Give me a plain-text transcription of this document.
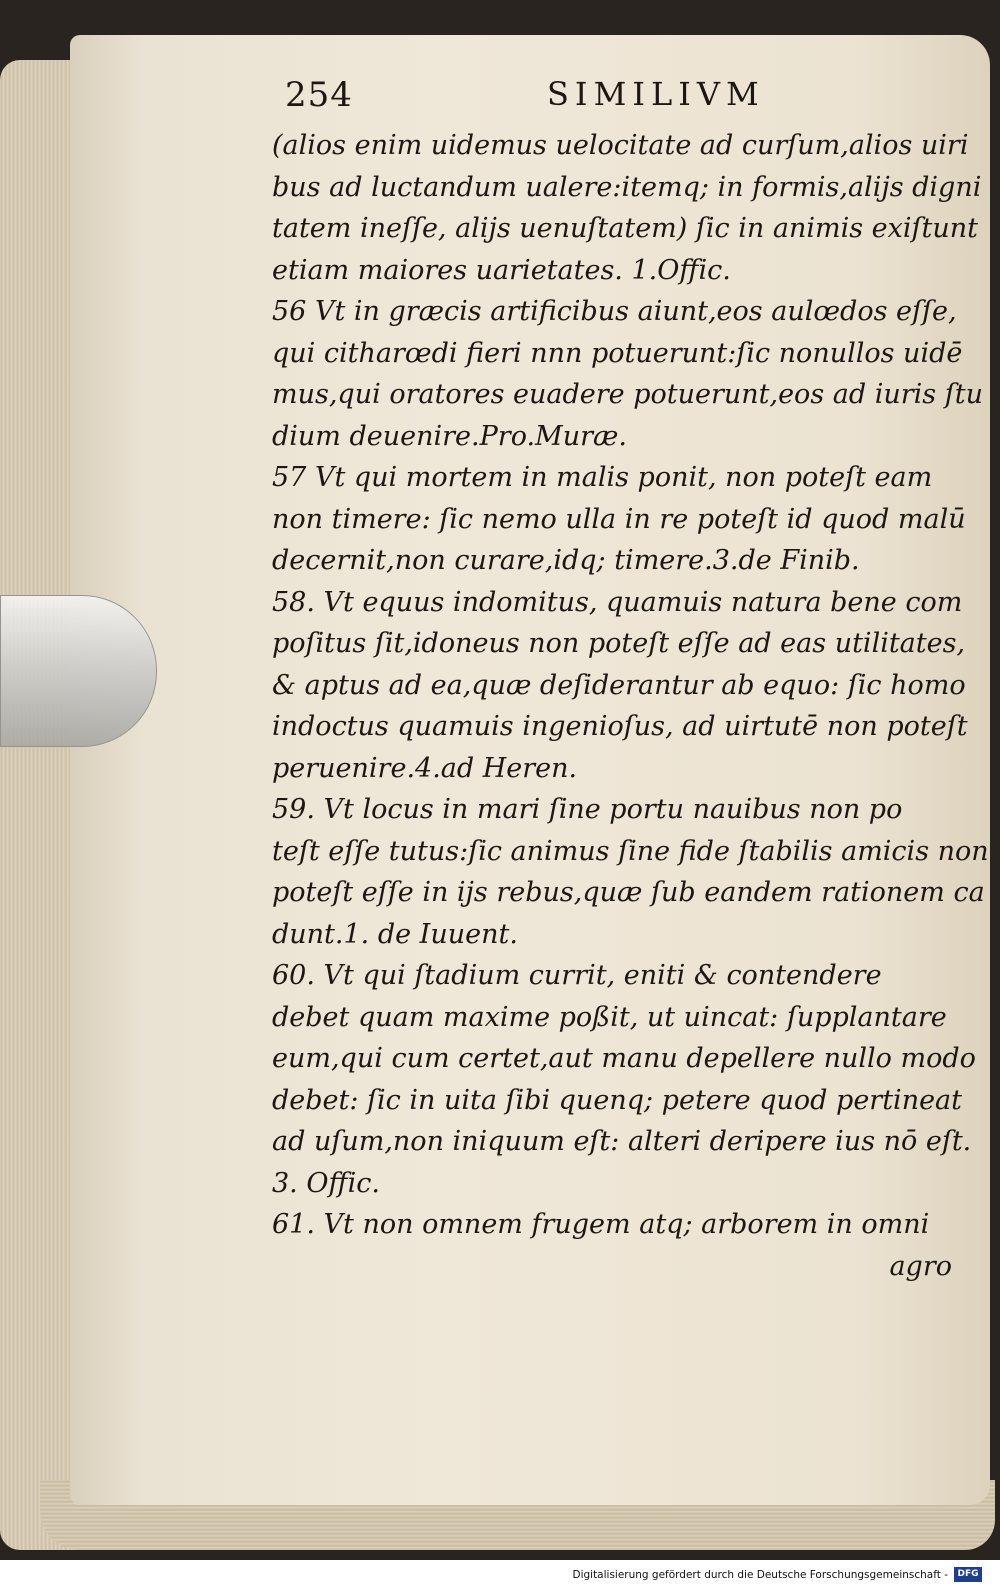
254	SIMILIVM
(alios enim uidemus uelocitate ad curſum,alios uiri
bus ad luctandum ualere:itemq; in formis,alijs digni
tatem ineſſe, alijs uenuſtatem) ſic in animis exiſtunt
etiam maiores uarietates. 1.Offic.
56 Vt in græcis artificibus aiunt,eos aulœdos eſſe,
qui citharœdi fieri nnn potuerunt:ſic nonullos uidē
mus,qui oratores euadere potuerunt,eos ad iuris ſtu
dium deuenire.Pro.Muræ.
57 Vt qui mortem in malis ponit, non poteſt eam
non timere: ſic nemo ulla in re poteſt id quod malū
decernit,non curare,idq; timere.3.de Finib.
58. Vt equus indomitus, quamuis natura bene com
poſitus ſit,idoneus non poteſt eſſe ad eas utilitates,
& aptus ad ea,quæ deſiderantur ab equo: ſic homo
indoctus quamuis ingenioſus, ad uirtutē non poteſt
peruenire.4.ad Heren.
59. Vt locus in mari ſine portu nauibus non po
teſt eſſe tutus:ſic animus ſine fide ſtabilis amicis non
poteſt eſſe in ijs rebus,quæ ſub eandem rationem ca
dunt.1. de Iuuent.
60. Vt qui ſtadium currit, eniti & contendere
debet quam maxime poßit, ut uincat: ſupplantare
eum,qui cum certet,aut manu depellere nullo modo
debet: ſic in uita ſibi quenq; petere quod pertineat
ad uſum,non iniquum eſt: alteri deripere ius nō eſt.
3. Offic.
61. Vt non omnem frugem atq; arborem in omni
agro
Digitalisierung gefördert durch die Deutsche Forschungsgemeinschaft -	DFG
